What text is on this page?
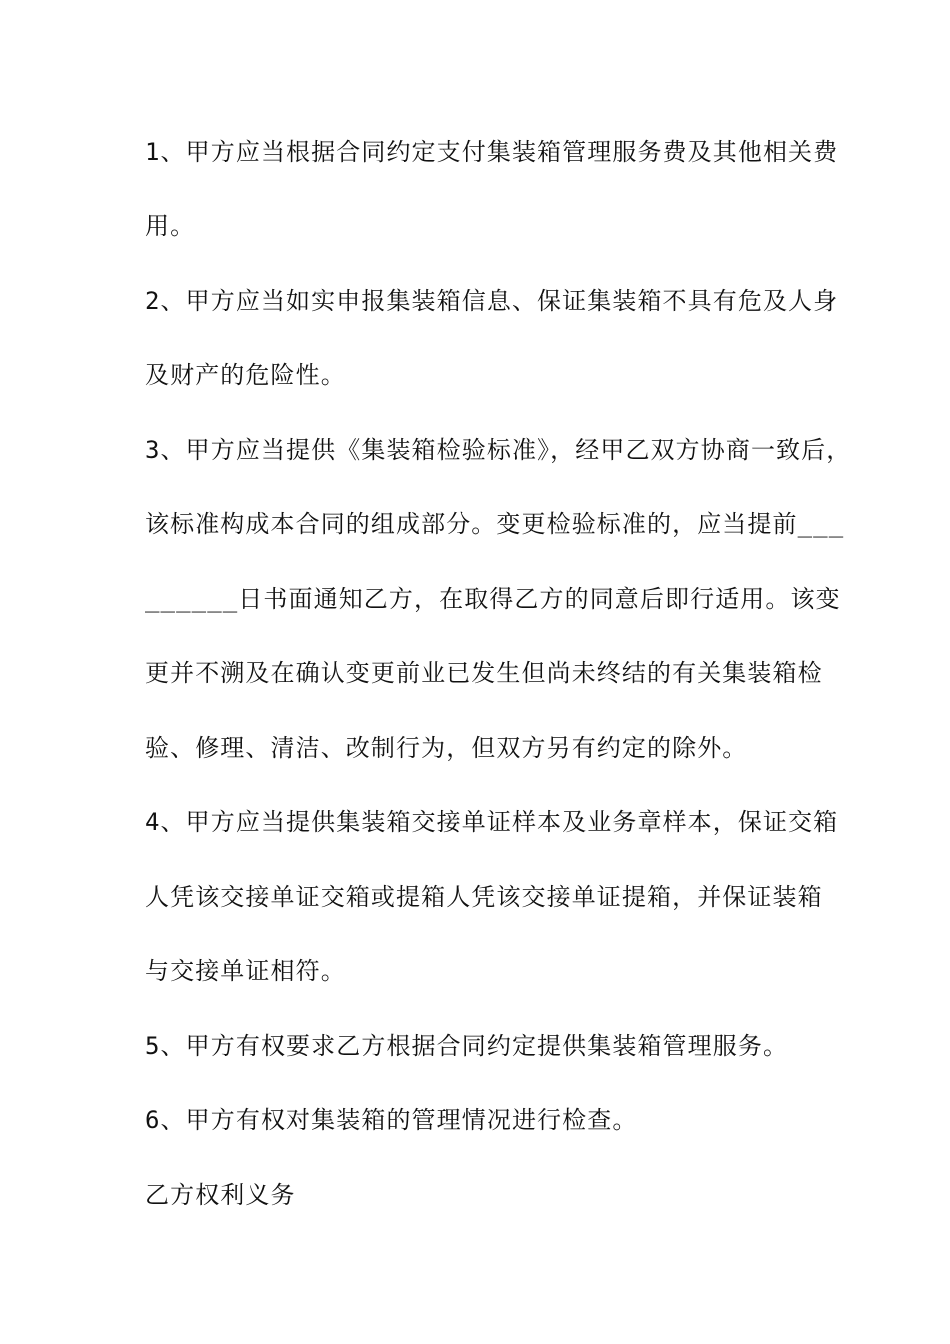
1、甲方应当根据合同约定支付集装箱管理服务费及其他相关费
用。
2、甲方应当如实申报集装箱信息、保证集装箱不具有危及人身
及财产的危险性。
3、甲方应当提供《集装箱检验标准》，经甲乙双方协商一致后，
该标准构成本合同的组成部分。变更检验标准的，应当提前___
______日书面通知乙方，在取得乙方的同意后即行适用。该变
更并不溯及在确认变更前业已发生但尚未终结的有关集装箱检
验、修理、清洁、改制行为，但双方另有约定的除外。
4、甲方应当提供集装箱交接单证样本及业务章样本，保证交箱
人凭该交接单证交箱或提箱人凭该交接单证提箱，并保证装箱
与交接单证相符。
5、甲方有权要求乙方根据合同约定提供集装箱管理服务。
6、甲方有权对集装箱的管理情况进行检查。
乙方权利义务
